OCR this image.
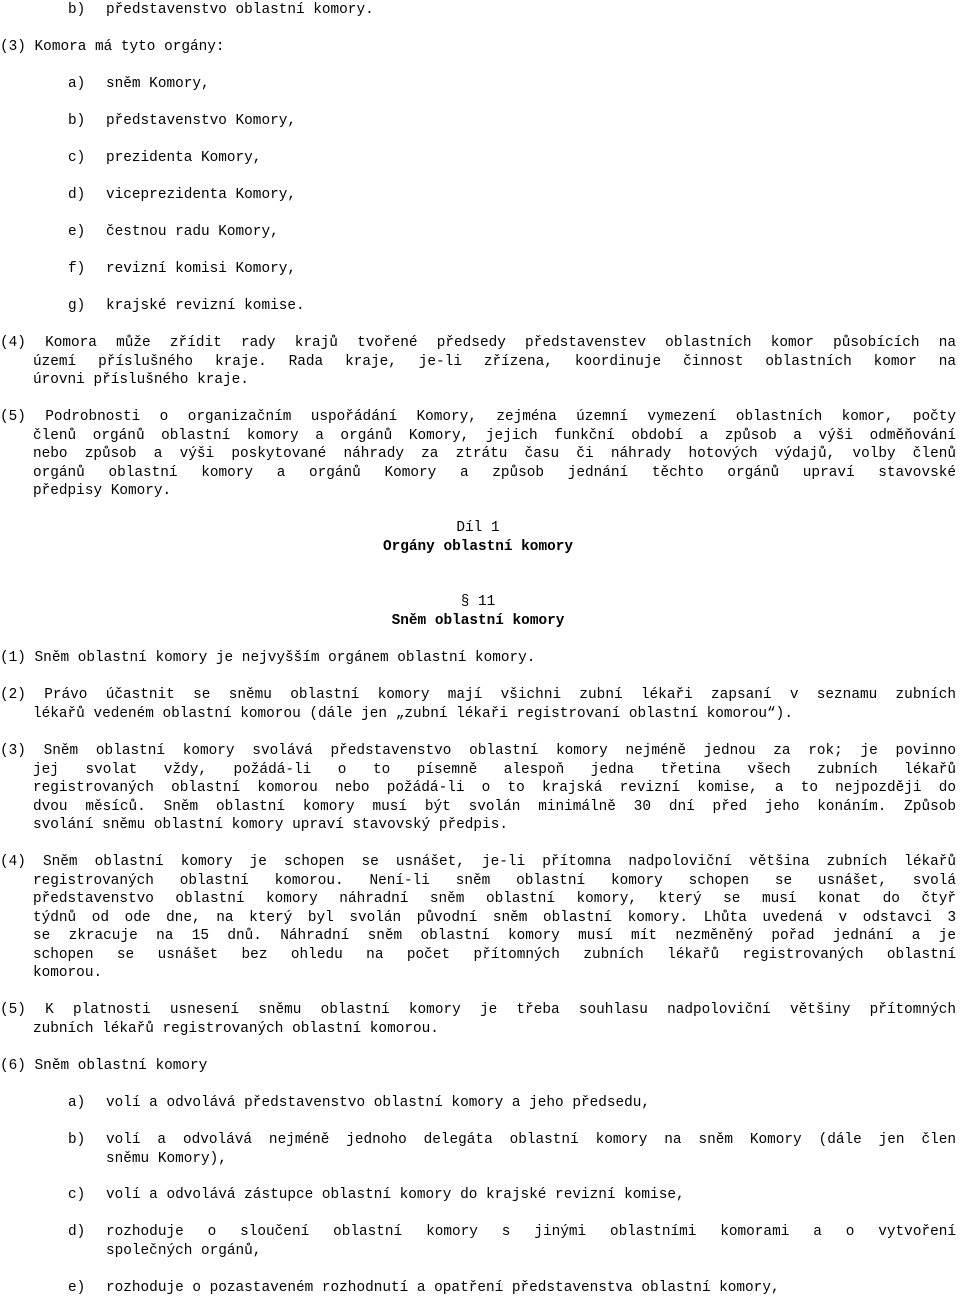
b) představenstvo oblastní komory.
(3) Komora má tyto orgány:
a) sněm Komory,
b) představenstvo Komory,
c) prezidenta Komory,
d) viceprezidenta Komory,
e) čestnou radu Komory,
f) revizní komisi Komory,
g) krajské revizní komise.
(4) Komora může zřídit rady krajů tvořené předsedy představenstev oblastních komor působících na
území příslušného kraje. Rada kraje, je-li zřízena, koordinuje činnost oblastních komor na
úrovni příslušného kraje.
(5) Podrobnosti o organizačním uspořádání Komory, zejména územní vymezení oblastních komor, počty
členů orgánů oblastní komory a orgánů Komory, jejich funkční období a způsob a výši odměňování
nebo způsob a výši poskytované náhrady za ztrátu času či náhrady hotových výdajů, volby členů
orgánů oblastní komory a orgánů Komory a způsob jednání těchto orgánů upraví stavovské
předpisy Komory.
Díl 1
Orgány oblastní komory
§ 11
Sněm oblastní komory
(1) Sněm oblastní komory je nejvyšším orgánem oblastní komory.
(2) Právo účastnit se sněmu oblastní komory mají všichni zubní lékaři zapsaní v seznamu zubních
lékařů vedeném oblastní komorou (dále jen „zubní lékaři registrovaní oblastní komorou“).
(3) Sněm oblastní komory svolává představenstvo oblastní komory nejméně jednou za rok; je povinno
jej svolat vždy, požádá-li o to písemně alespoň jedna třetina všech zubních lékařů
registrovaných oblastní komorou nebo požádá-li o to krajská revizní komise, a to nejpozději do
dvou měsíců. Sněm oblastní komory musí být svolán minimálně 30 dní před jeho konáním. Způsob
svolání sněmu oblastní komory upraví stavovský předpis.
(4) Sněm oblastní komory je schopen se usnášet, je-li přítomna nadpoloviční většina zubních lékařů
registrovaných oblastní komorou. Není-li sněm oblastní komory schopen se usnášet, svolá
představenstvo oblastní komory náhradní sněm oblastní komory, který se musí konat do čtyř
týdnů od ode dne, na který byl svolán původní sněm oblastní komory. Lhůta uvedená v odstavci 3
se zkracuje na 15 dnů. Náhradní sněm oblastní komory musí mít nezměněný pořad jednání a je
schopen se usnášet bez ohledu na počet přítomných zubních lékařů registrovaných oblastní
komorou.
(5) K platnosti usnesení sněmu oblastní komory je třeba souhlasu nadpoloviční většiny přítomných
zubních lékařů registrovaných oblastní komorou.
(6) Sněm oblastní komory
a) volí a odvolává představenstvo oblastní komory a jeho předsedu,
b) volí a odvolává nejméně jednoho delegáta oblastní komory na sněm Komory (dále jen člen
sněmu Komory),
c) volí a odvolává zástupce oblastní komory do krajské revizní komise,
d) rozhoduje o sloučení oblastní komory s jinými oblastními komorami a o vytvoření
společných orgánů,
e) rozhoduje o pozastaveném rozhodnutí a opatření představenstva oblastní komory,
